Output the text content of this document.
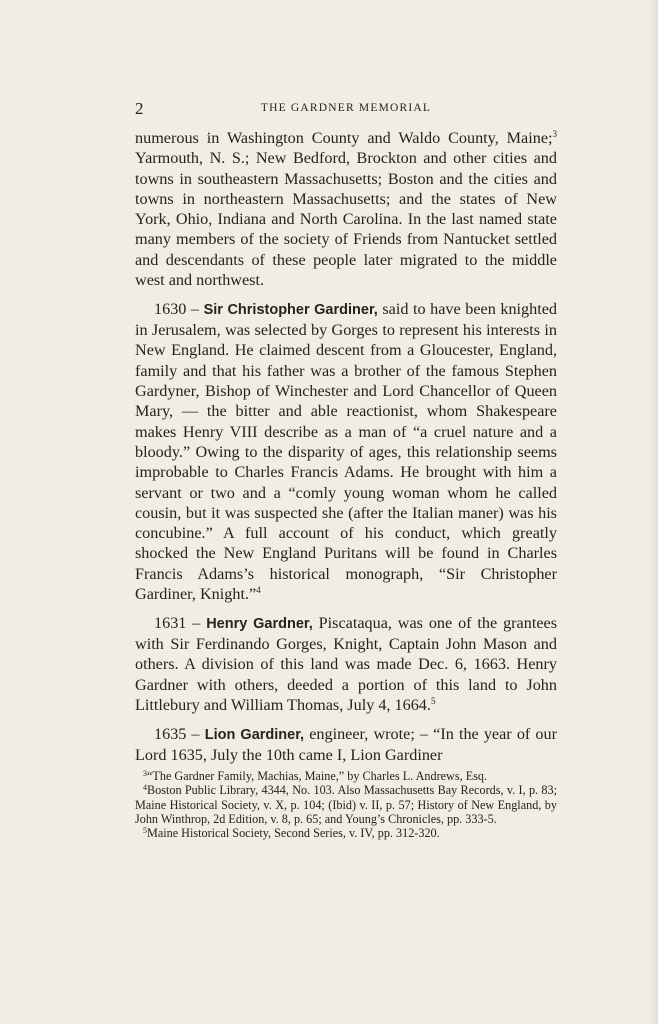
2	THE GARDNER MEMORIAL

numerous in Washington County and Waldo County, Maine;$^3$ Yarmouth, N. S.; New Bedford, Brockton and other cities and towns in southeastern Massachusetts; Boston and the cities and towns in northeastern Massachusetts; and the states of New York, Ohio, Indiana and North Carolina. In the last named state many members of the society of Friends from Nantucket settled and descendants of these people later migrated to the middle west and northwest.

1630 – Sir Christopher Gardiner, said to have been knighted in Jerusalem, was selected by Gorges to represent his interests in New England. He claimed descent from a Gloucester, England, family and that his father was a brother of the famous Stephen Gardyner, Bishop of Winchester and Lord Chancellor of Queen Mary, — the bitter and able reactionist, whom Shakespeare makes Henry VIII describe as a man of “a cruel nature and a bloody.” Owing to the disparity of ages, this relationship seems improbable to Charles Francis Adams. He brought with him a servant or two and a “comly young woman whom he called cousin, but it was suspected she (after the Italian maner) was his concubine.” A full account of his conduct, which greatly shocked the New England Puritans will be found in Charles Francis Adams’s historical monograph, “Sir Christopher Gardiner, Knight.”$^4$

1631 – Henry Gardner, Piscataqua, was one of the grantees with Sir Ferdinando Gorges, Knight, Captain John Mason and others. A division of this land was made Dec. 6, 1663. Henry Gardner with others, deeded a portion of this land to John Littlebury and William Thomas, July 4, 1664.$^5$

1635 – Lion Gardiner, engineer, wrote; – “In the year of our Lord 1635, July the 10th came I, Lion Gardiner

$^3$“The Gardner Family, Machias, Maine,” by Charles L. Andrews, Esq.

$^4$Boston Public Library, 4344, No. 103. Also Massachusetts Bay Records, v. I, p. 83; Maine Historical Society, v. X, p. 104; (Ibid) v. II, p. 57; History of New England, by John Winthrop, 2d Edition, v. 8, p. 65; and Young’s Chronicles, pp. 333-5.

$^5$Maine Historical Society, Second Series, v. IV, pp. 312-320.
